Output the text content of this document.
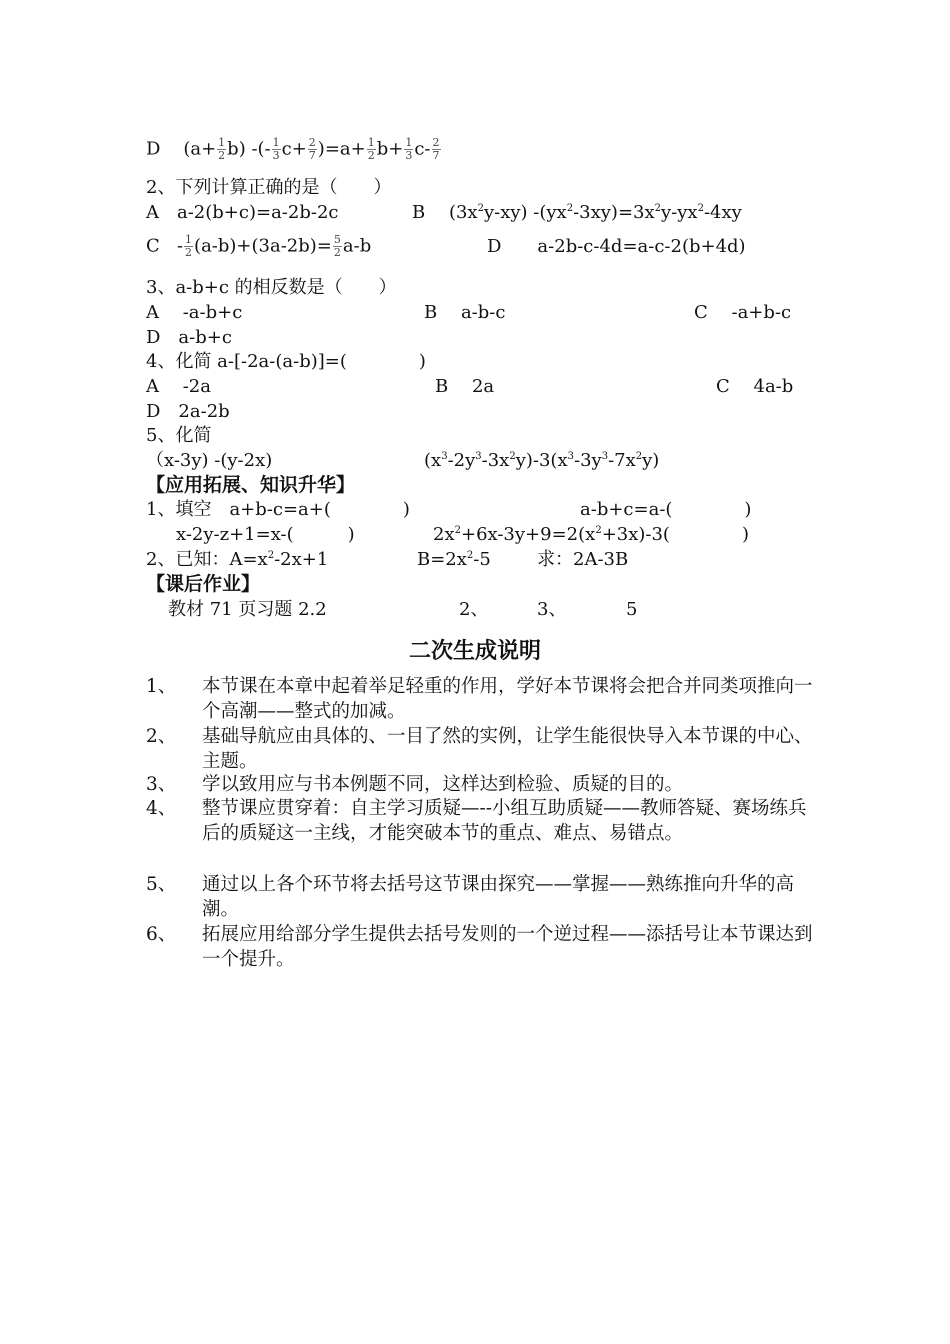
D $(a+ \frac{1}{2} b)$ -(- $\frac{1}{3} c+ \frac{2}{7} )=a+ \frac{1}{2} b+ \frac{1}{3} c- \frac{2}{7}$
2、下列计算正确的是（　　）
A　a-2(b+c)=a-2b-2c	B　 $(3x^2y-xy)$ $-(yx^2-3xy)=3x^2y-yx^2-4xy$
$C - \frac{1}{2} (a-b)+(3a-2b)= \frac{5}{2} a-b$	D　　a-2b-c-4d=a-c-2(b+4d)
3、a-b+c 的相反数是（　　）
A　 -a-b+c	B　 a-b-c	C　 -a+b-c
D　a-b+c
4、化简 a-[-2a-(a-b)]=(　　　　)
A　 -2a	B　 2a	C　 4a-b
D　2a-2b
5、化简
（x-3y) -(y-2x)	$(x^3-2y^3-3x^2y)-3(x^3-3y^3-7x^2y)$
【应用拓展、知识升华】
1、填空　a+b-c=a+(　　　　)	a-b+c=a-(　　　　)
x-2y-z+1=x-(　　　)	$2x^2+6x-3y+9=2(x^2+3x)-3$(　　　　)
2、已知：$A=x^2-2x+1$	$B=2x^2-5$	求：2A-3B
【课后作业】
教材 71 页习题 2.2	2、	3、	5
二次生成说明
1、 本节课在本章中起着举足轻重的作用，学好本节课将会把合并同类项推向一个高潮——整式的加减。
2、 基础导航应由具体的、一目了然的实例，让学生能很快导入本节课的中心、主题。
3、 学以致用应与书本例题不同，这样达到检验、质疑的目的。
4、 整节课应贯穿着：自主学习质疑—--小组互助质疑——教师答疑、赛场练兵后的质疑这一主线，才能突破本节的重点、难点、易错点。
5、 通过以上各个环节将去括号这节课由探究——掌握——熟练推向升华的高潮。
6、 拓展应用给部分学生提供去括号发则的一个逆过程——添括号让本节课达到一个提升。
